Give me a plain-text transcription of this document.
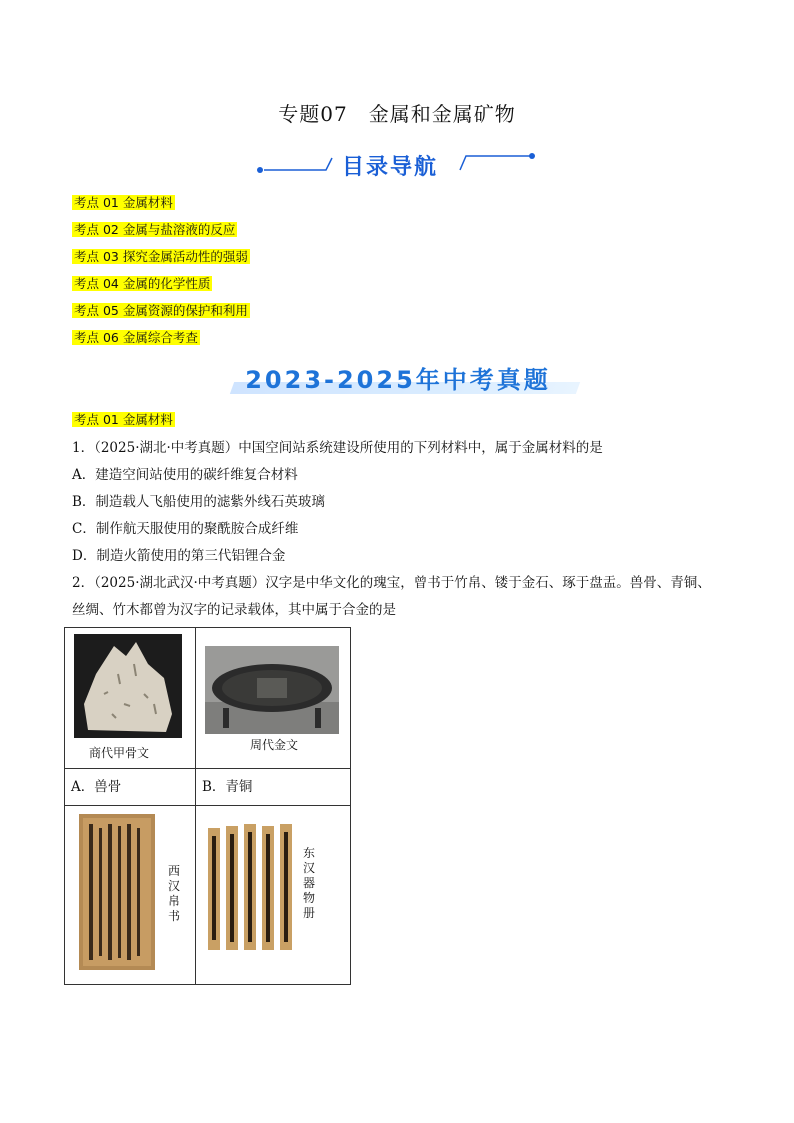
专题07　金属和金属矿物
目录导航
考点 01 金属材料
考点 02 金属与盐溶液的反应
考点 03 探究金属活动性的强弱
考点 04 金属的化学性质
考点 05 金属资源的保护和利用
考点 06 金属综合考查
2023-2025年中考真题
考点 01 金属材料

1．（2025·湖北·中考真题）中国空间站系统建设所使用的下列材料中，属于金属材料的是

A．建造空间站使用的碳纤维复合材料

B．制造载人飞船使用的滤紫外线石英玻璃

C．制作航天服使用的聚酰胺合成纤维

D．制造火箭使用的第三代铝锂合金

2．（2025·湖北武汉·中考真题）汉字是中华文化的瑰宝，曾书于竹帛、镂于金石、琢于盘盂。兽骨、青铜、

丝绸、竹木都曾为汉字的记录载体，其中属于合金的是

商代甲骨文	周代金文

A．兽骨	B．青铜

西汉帛书	东汉器物册
